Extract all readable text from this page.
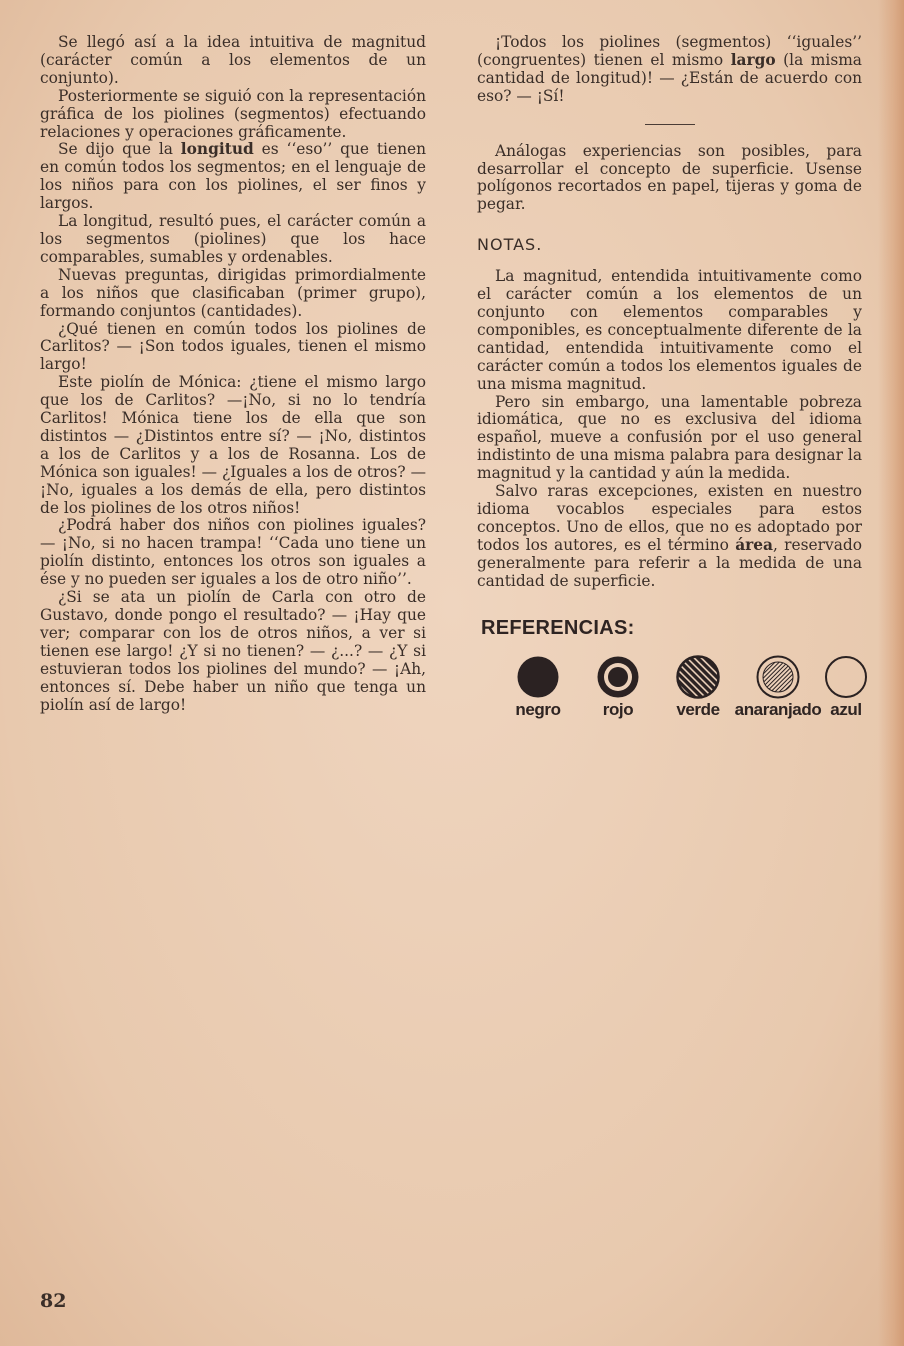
Se llegó así a la idea intuitiva de magnitud (carácter común a los elementos de un conjunto).

Posteriormente se siguió con la representación gráfica de los piolines (segmentos) efectuando relaciones y operaciones gráficamente.

Se dijo que la longitud es ‘‘eso’’ que tienen en común todos los segmentos; en el lenguaje de los niños para con los piolines, el ser finos y largos.

La longitud, resultó pues, el carácter común a los segmentos (piolines) que los hace comparables, sumables y ordenables.

Nuevas preguntas, dirigidas primordialmente a los niños que clasificaban (primer grupo), formando conjuntos (cantidades).

¿Qué tienen en común todos los piolines de Carlitos? — ¡Son todos iguales, tienen el mismo largo!

Este piolín de Mónica: ¿tiene el mismo largo que los de Carlitos? —¡No, si no lo tendría Carlitos! Mónica tiene los de ella que son distintos — ¿Distintos entre sí? — ¡No, distintos a los de Carlitos y a los de Rosanna. Los de Mónica son iguales! — ¿Iguales a los de otros? —¡No, iguales a los demás de ella, pero distintos de los piolines de los otros niños!

¿Podrá haber dos niños con piolines iguales? — ¡No, si no hacen trampa! ‘‘Cada uno tiene un piolín distinto, entonces los otros son iguales a ése y no pueden ser iguales a los de otro niño’’.

¿Si se ata un piolín de Carla con otro de Gustavo, donde pongo el resultado? — ¡Hay que ver; comparar con los de otros niños, a ver si tienen ese largo! ¿Y si no tienen? — ¿...? — ¿Y si estuvieran todos los piolines del mundo? — ¡Ah, entonces sí. Debe haber un niño que tenga un piolín así de largo!

¡Todos los piolines (segmentos) ‘‘iguales’’ (congruentes) tienen el mismo largo (la misma cantidad de longitud)! — ¿Están de acuerdo con eso? — ¡Sí!

Análogas experiencias son posibles, para desarrollar el concepto de superficie. Usense polígonos recortados en papel, tijeras y goma de pegar.

NOTAS.

La magnitud, entendida intuitivamente como el carácter común a los elementos de un conjunto con elementos comparables y componibles, es conceptualmente diferente de la cantidad, entendida intuitivamente como el carácter común a todos los elementos iguales de una misma magnitud.

Pero sin embargo, una lamentable pobreza idiomática, que no es exclusiva del idioma español, mueve a confusión por el uso general indistinto de una misma palabra para designar la magnitud y la cantidad y aún la medida.

Salvo raras excepciones, existen en nuestro idioma vocablos especiales para estos conceptos. Uno de ellos, que no es adoptado por todos los autores, es el término área, reservado generalmente para referir a la medida de una cantidad de superficie.

REFERENCIAS:
negro	rojo	verde anaranjado azul
82
